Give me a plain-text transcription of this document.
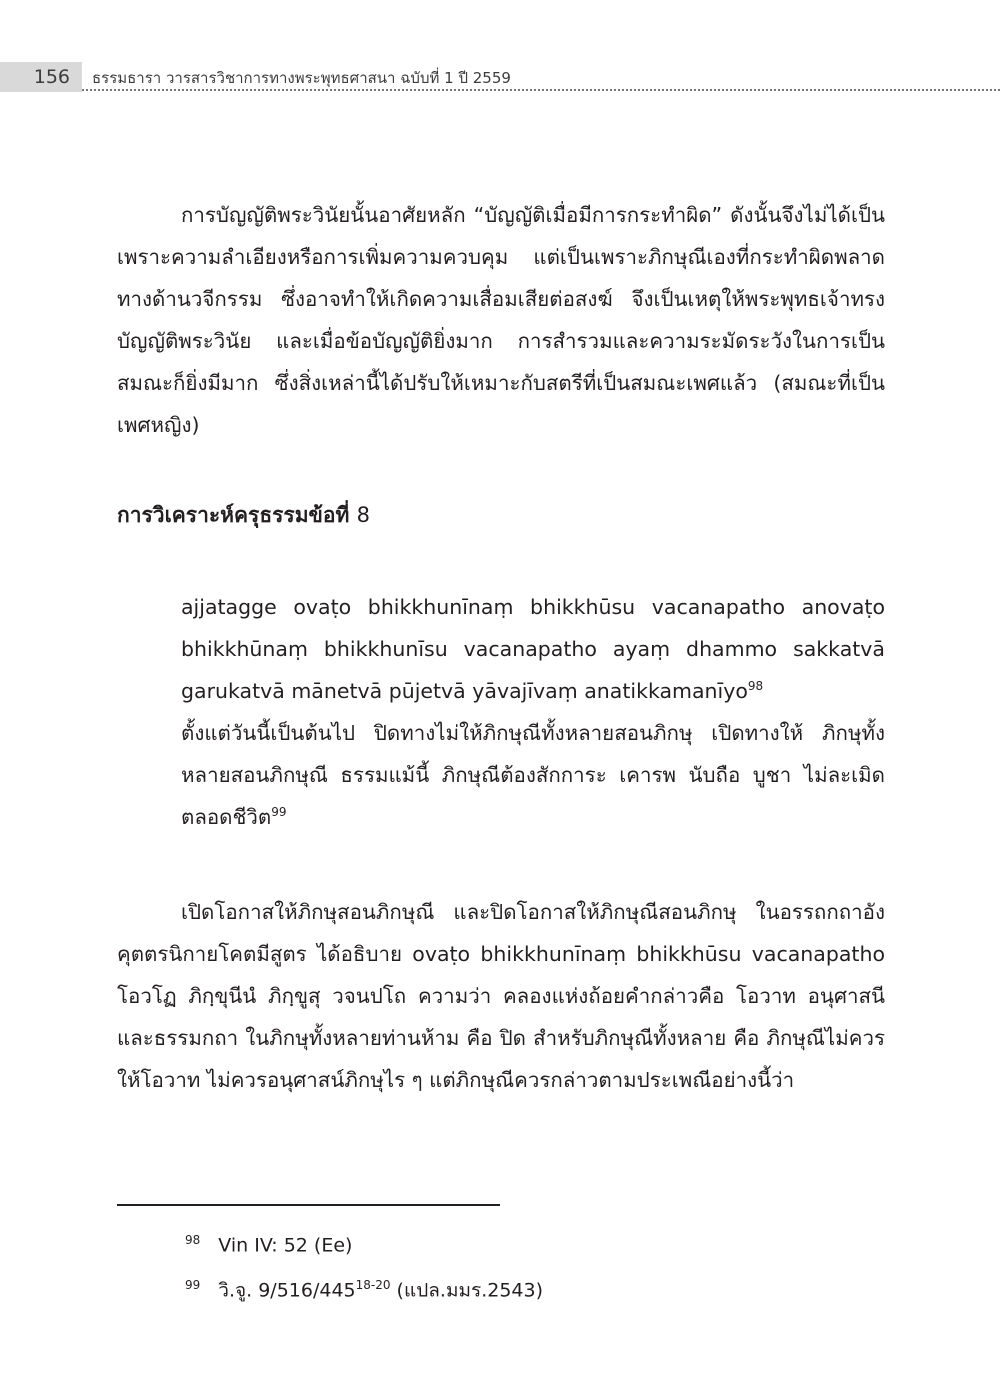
156 ธรรมธารา วารสารวิชาการทางพระพุทธศาสนา ฉบับที่ 1 ปี 2559

การบัญญัติพระวินัยนั้นอาศัยหลัก “บัญญัติเมื่อมีการกระทำผิด” ดังนั้นจึงไม่ได้เป็นเพราะความลำเอียงหรือการเพิ่มความควบคุม แต่เป็นเพราะภิกษุณีเองที่กระทำผิดพลาดทางด้านวจีกรรม ซึ่งอาจทำให้เกิดความเสื่อมเสียต่อสงฆ์ จึงเป็นเหตุให้พระพุทธเจ้าทรงบัญญัติพระวินัย และเมื่อข้อบัญญัติยิ่งมาก การสำรวมและความระมัดระวังในการเป็นสมณะก็ยิ่งมีมาก ซึ่งสิ่งเหล่านี้ได้ปรับให้เหมาะกับสตรีที่เป็นสมณะเพศแล้ว (สมณะที่เป็นเพศหญิง)

การวิเคราะห์ครุธรรมข้อที่ 8

ajjatagge ovaṭo bhikkhunīnaṃ bhikkhūsu vacanapatho anovaṭo bhikkhūnaṃ bhikkhunīsu vacanapatho ayaṃ dhammo sakkatvā garukatvā mānetvā pūjetvā yāvajīvaṃ anatikkamanīyo$^{98}$

ตั้งแต่วันนี้เป็นต้นไป ปิดทางไม่ให้ภิกษุณีทั้งหลายสอนภิกษุ เปิดทางให้ ภิกษุทั้งหลายสอนภิกษุณี ธรรมแม้นี้ ภิกษุณีต้องสักการะ เคารพ นับถือ บูชา ไม่ละเมิดตลอดชีวิต$^{99}$

เปิดโอกาสให้ภิกษุสอนภิกษุณี และปิดโอกาสให้ภิกษุณีสอนภิกษุ ในอรรถกถาอังคุตตรนิกายโคตมีสูตร ได้อธิบาย ovaṭo bhikkhunīnaṃ bhikkhūsu vacanapatho โอวโฏ ภิกฺขุนีนํ ภิกฺขูสุ วจนปโถ ความว่า คลองแห่งถ้อยคำกล่าวคือ โอวาท อนุศาสนีและธรรมกถา ในภิกษุทั้งหลายท่านห้าม คือ ปิด สำหรับภิกษุณีทั้งหลาย คือ ภิกษุณีไม่ควรให้โอวาท ไม่ควรอนุศาสน์ภิกษุไร ๆ แต่ภิกษุณีควรกล่าวตามประเพณีอย่างนี้ว่า

$^{98}$ Vin IV: 52 (Ee)

$^{99}$ วิ.จู. 9/516/445$^{18-20}$ (แปล.มมร.2543)
